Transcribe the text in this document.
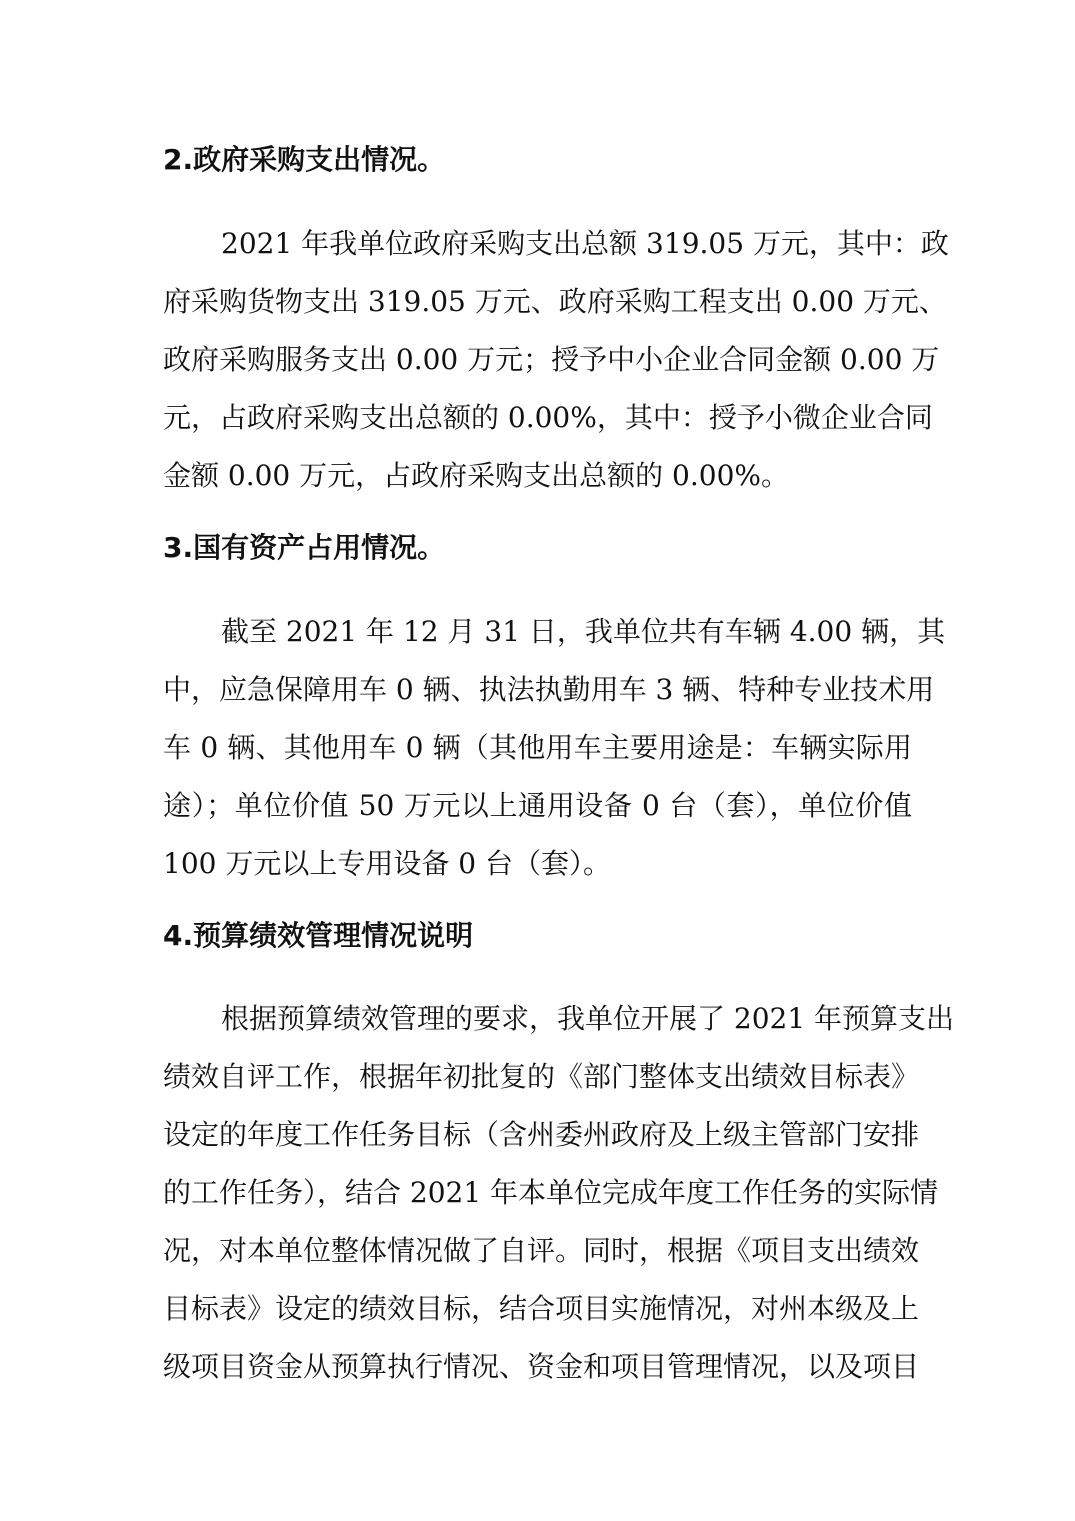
2.政府采购支出情况。
2021 年我单位政府采购支出总额 319.05 万元，其中：政
府采购货物支出 319.05 万元、政府采购工程支出 0.00 万元、
政府采购服务支出 0.00 万元；授予中小企业合同金额 0.00 万
元，占政府采购支出总额的 0.00%，其中：授予小微企业合同
金额 0.00 万元，占政府采购支出总额的 0.00%。
3.国有资产占用情况。
截至 2021 年 12 月 31 日，我单位共有车辆 4.00 辆，其
中，应急保障用车 0 辆、执法执勤用车 3 辆、特种专业技术用
车 0 辆、其他用车 0 辆（其他用车主要用途是：车辆实际用
途）；单位价值 50 万元以上通用设备 0 台（套），单位价值
100 万元以上专用设备 0 台（套）。
4.预算绩效管理情况说明
根据预算绩效管理的要求，我单位开展了 2021 年预算支出
绩效自评工作，根据年初批复的《部门整体支出绩效目标表》
设定的年度工作任务目标（含州委州政府及上级主管部门安排
的工作任务），结合 2021 年本单位完成年度工作任务的实际情
况，对本单位整体情况做了自评。同时，根据《项目支出绩效
目标表》设定的绩效目标，结合项目实施情况，对州本级及上
级项目资金从预算执行情况、资金和项目管理情况，以及项目
